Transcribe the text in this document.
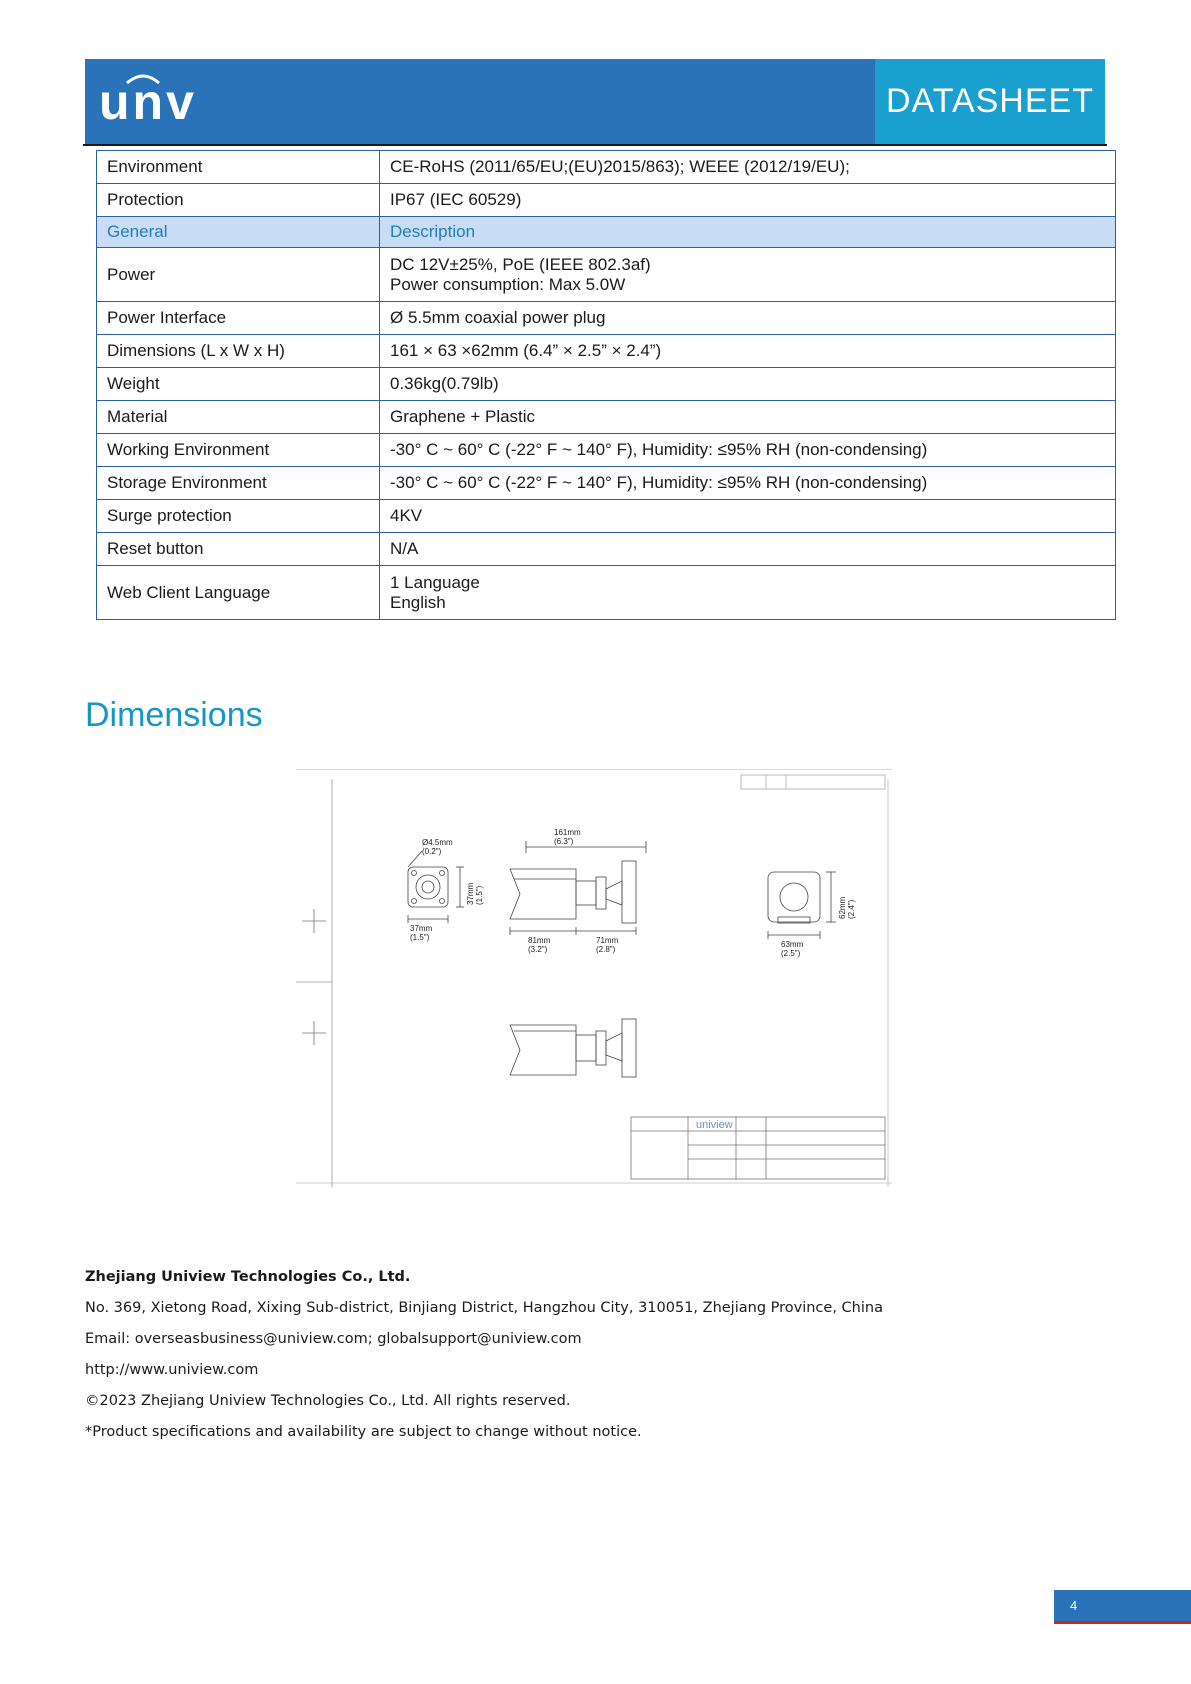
unv	DATASHEET
Environment	CE-RoHS (2011/65/EU;(EU)2015/863); WEEE (2012/19/EU);

Protection	IP67 (IEC 60529)

General	Description

Power	DC 12V±25%, PoE (IEEE 802.3af)
Power consumption: Max 5.0W

Power Interface	Ø 5.5mm coaxial power plug

Dimensions (L x W x H)	161 × 63 ×62mm (6.4” × 2.5” × 2.4”)

Weight	0.36kg(0.79lb)

Material	Graphene + Plastic

Working Environment	-30° C ~ 60° C (-22° F ~ 140° F), Humidity: ≤95% RH (non-condensing)

Storage Environment	-30° C ~ 60° C (-22° F ~ 140° F), Humidity: ≤95% RH (non-condensing)

Surge protection	4KV

Reset button	N/A

Web Client Language	1 Language
English
Dimensions
Ø4.5mm
(0.2")
37mm
(1.5")
37mm (1.5")
161mm
(6.3")
81mm
(3.2")
71mm
(2.8")
63mm
(2.5")
62mm (2.4")
uniview
Zhejiang Uniview Technologies Co., Ltd.
No. 369, Xietong Road, Xixing Sub-district, Binjiang District, Hangzhou City, 310051, Zhejiang Province, China
Email: overseasbusiness@uniview.com; globalsupport@uniview.com
http://www.uniview.com
©2023 Zhejiang Uniview Technologies Co., Ltd. All rights reserved.
*Product specifications and availability are subject to change without notice.
4
